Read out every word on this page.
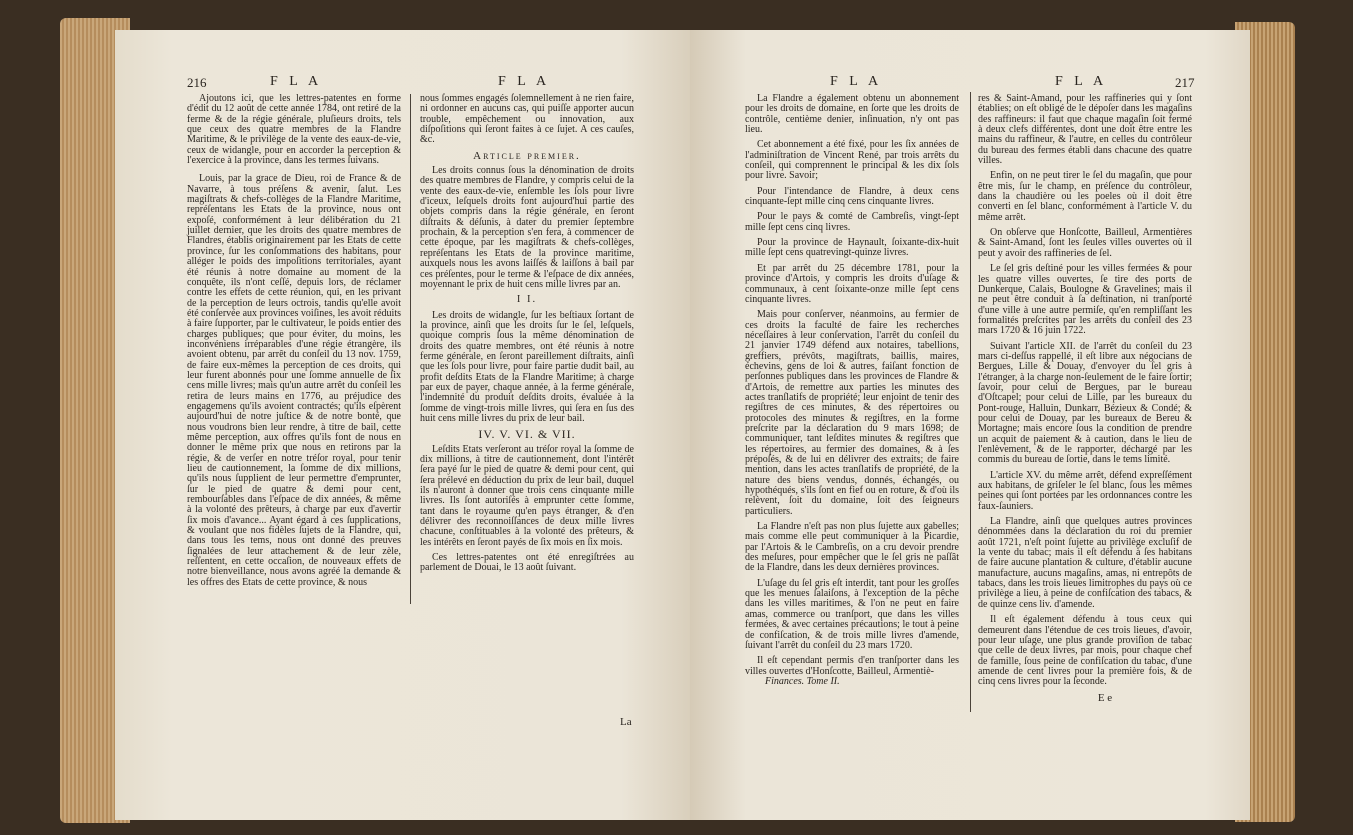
216	F L A	F L A

Ajoutons ici, que les lettres-patentes en forme d'édit du 12 août de cette année 1784, ont retiré de la ferme & de la régie générale, pluſieurs droits, tels que ceux des quatre membres de la Flandre Maritime, & le privilège de la vente des eaux-de-vie, ceux de widangle, pour en accorder la perception & l'exercice à la province, dans les termes ſuivans.

Louis, par la grace de Dieu, roi de France & de Navarre, à tous préſens & avenir, ſalut. Les magiſtrats & chefs-collèges de la Flandre Maritime, repréſentans les Etats de la province, nous ont expoſé, conformément à leur délibération du 21 juillet dernier, que les droits des quatre membres de Flandres, établis originairement par les Etats de cette province, ſur les conſommations des habitans, pour alléger le poids des impoſitions territoriales, ayant été réunis à notre domaine au moment de la conquête, ils n'ont ceſſé, depuis lors, de réclamer contre les effets de cette réunion, qui, en les privant de la perception de leurs octrois, tandis qu'elle avoit été conſervée aux provinces voiſines, les avoit réduits à faire ſupporter, par le cultivateur, le poids entier des charges publiques; que pour éviter, du moins, les inconvéniens irréparables d'une régie étrangère, ils avoient obtenu, par arrêt du conſeil du 13 nov. 1759, de faire eux-mêmes la perception de ces droits, qui leur furent abonnés pour une ſomme annuelle de ſix cens mille livres; mais qu'un autre arrêt du conſeil les retira de leurs mains en 1776, au préjudice des engagemens qu'ils avoient contractés; qu'ils eſpèrent aujourd'hui de notre juſtice & de notre bonté, que nous voudrons bien leur rendre, à titre de bail, cette même perception, aux offres qu'ils font de nous en donner le même prix que nous en retirons par la régie, & de verſer en notre tréſor royal, pour tenir lieu de cautionnement, la ſomme de dix millions, qu'ils nous ſupplient de leur permettre d'emprunter, ſur le pied de quatre & demi pour cent, rembourſables dans l'eſpace de dix années, & même à la volonté des prêteurs, à charge par eux d'avertir ſix mois d'avance... Ayant égard à ces ſupplications, & voulant que nos fidèles ſujets de la Flandre, qui, dans tous les tems, nous ont donné des preuves ſignalées de leur attachement & de leur zèle, reſſentent, en cette occaſion, de nouveaux effets de notre bienveillance, nous avons agréé la demande & les offres des Etats de cette province, & nous

nous ſommes engagés ſolemnellement à ne rien faire, ni ordonner en aucuns cas, qui puiſſe apporter aucun trouble, empêchement ou innovation, aux diſpoſitions qui ſeront faites à ce ſujet. A ces cauſes, &c.

Article premier.

Les droits connus ſous la dénomination de droits des quatre membres de Flandre, y compris celui de la vente des eaux-de-vie, enſemble les ſols pour livre d'iceux, leſquels droits font aujourd'hui partie des objets compris dans la régie générale, en ſeront diſtraits & déſunis, à dater du premier ſeptembre prochain, & la perception s'en fera, à commencer de cette époque, par les magiſtrats & chefs-collèges, repréſentans les Etats de la province maritime, auxquels nous les avons laiſſés & laiſſons à bail par ces préſentes, pour le terme & l'eſpace de dix années, moyennant le prix de huit cens mille livres par an.

I I.

Les droits de widangle, ſur les beſtiaux ſortant de la province, ainſi que les droits ſur le ſel, leſquels, quoique compris ſous la même dénomination de droits des quatre membres, ont été réunis à notre ferme générale, en ſeront pareillement diſtraits, ainſi que les ſols pour livre, pour faire partie dudit bail, au profit deſdits Etats de la Flandre Maritime; à charge par eux de payer, chaque année, à la ferme générale, l'indemnité du produit deſdits droits, évaluée à la ſomme de vingt-trois mille livres, qui ſera en ſus des huit cens mille livres du prix de leur bail.

IV. V. VI. & VII.

Leſdits Etats verſeront au tréſor royal la ſomme de dix millions, à titre de cautionnement, dont l'intérêt ſera payé ſur le pied de quatre & demi pour cent, qui ſera prélevé en déduction du prix de leur bail, duquel ils n'auront à donner que trois cens cinquante mille livres. Ils ſont autoriſés à emprunter cette ſomme, tant dans le royaume qu'en pays étranger, & d'en délivrer des reconnoiſſances de deux mille livres chacune, conſtituables à la volonté des prêteurs, & les intérêts en ſeront payés de ſix mois en ſix mois.

Ces lettres-patentes ont été enregiſtrées au parlement de Douai, le 13 août ſuivant.

La
F L A	F L A	217

La Flandre a également obtenu un abonnement pour les droits de domaine, en ſorte que les droits de contrôle, centième denier, inſinuation, n'y ont pas lieu.

Cet abonnement a été fixé, pour les ſix années de l'adminiſtration de Vincent René, par trois arrêts du conſeil, qui comprennent le principal & les dix ſols pour livre. Savoir;

Pour l'intendance de Flandre, à deux cens cinquante-ſept mille cinq cens cinquante livres.

Pour le pays & comté de Cambreſis, vingt-ſept mille ſept cens cinq livres.

Pour la province de Haynault, ſoixante-dix-huit mille ſept cens quatrevingt-quinze livres.

Et par arrêt du 25 décembre 1781, pour la province d'Artois, y compris les droits d'uſage & communaux, à cent ſoixante-onze mille ſept cens cinquante livres.

Mais pour conſerver, néanmoins, au fermier de ces droits la faculté de faire les recherches néceſſaires à leur conſervation, l'arrêt du conſeil du 21 janvier 1749 défend aux notaires, tabellions, greffiers, prévôts, magiſtrats, baillis, maires, échevins, gens de loi & autres, faiſant fonction de perſonnes publiques dans les provinces de Flandre & d'Artois, de remettre aux parties les minutes des actes tranſlatifs de propriété; leur enjoint de tenir des regiſtres de ces minutes, & des répertoires ou protocoles des minutes & regiſtres, en la forme preſcrite par la déclaration du 9 mars 1698; de communiquer, tant leſdites minutes & regiſtres que les répertoires, au fermier des domaines, & à ſes prépoſés, & de lui en délivrer des extraits; de faire mention, dans les actes tranſlatifs de propriété, de la nature des biens vendus, donnés, échangés, ou hypothéqués, s'ils ſont en fief ou en roture, & d'où ils relèvent, ſoit du domaine, ſoit des ſeigneurs particuliers.

La Flandre n'eſt pas non plus ſujette aux gabelles; mais comme elle peut communiquer à la Picardie, par l'Artois & le Cambreſis, on a cru devoir prendre des meſures, pour empêcher que le ſel gris ne paſſât de la Flandre, dans les deux dernières provinces.

L'uſage du ſel gris eſt interdit, tant pour les groſſes que les menues ſalaiſons, à l'exception de la pêche dans les villes maritimes, & l'on ne peut en faire amas, commerce ou tranſport, que dans les villes fermées, & avec certaines précautions; le tout à peine de confiſcation, & de trois mille livres d'amende, ſuivant l'arrêt du conſeil du 23 mars 1720.

Il eſt cependant permis d'en tranſporter dans les villes ouvertes d'Honſcotte, Bailleul, Armentiè-

Finances. Tome II.

res & Saint-Amand, pour les raffineries qui y ſont établies; on eſt obligé de le dépoſer dans les magaſins des raffineurs: il faut que chaque magaſin ſoit fermé à deux clefs différentes, dont une doit être entre les mains du raffineur, & l'autre, en celles du contrôleur du bureau des fermes établi dans chacune des quatre villes.

Enfin, on ne peut tirer le ſel du magaſin, que pour être mis, ſur le champ, en préſence du contrôleur, dans la chaudière ou les poeles où il doit être converti en ſel blanc, conformément à l'article V. du même arrêt.

On obſerve que Honſcotte, Bailleul, Armentières & Saint-Amand, ſont les ſeules villes ouvertes où il peut y avoir des raffineries de ſel.

Le ſel gris deſtiné pour les villes fermées & pour les quatre villes ouvertes, ſe tire des ports de Dunkerque, Calais, Boulogne & Gravelines; mais il ne peut être conduit à ſa deſtination, ni tranſporté d'une ville à une autre permiſe, qu'en rempliſſant les formalités preſcrites par les arrêts du conſeil des 23 mars 1720 & 16 juin 1722.

Suivant l'article XII. de l'arrêt du conſeil du 23 mars ci-deſſus rappellé, il eſt libre aux négocians de Bergues, Lille & Douay, d'envoyer du ſel gris à l'étranger, à la charge non-ſeulement de le faire ſortir; ſavoir, pour celui de Bergues, par le bureau d'Oſtcapel; pour celui de Lille, par les bureaux du Pont-rouge, Halluin, Dunkarr, Bézieux & Condé; & pour celui de Douay, par les bureaux de Bereu & Mortagne; mais encore ſous la condition de prendre un acquit de paiement & à caution, dans le lieu de l'enlèvement, & de le rapporter, déchargé par les commis du bureau de ſortie, dans le tems limité.

L'article XV. du même arrêt, défend expreſſément aux habitans, de griſeler le ſel blanc, ſous les mêmes peines qui ſont portées par les ordonnances contre les faux-ſauniers.

La Flandre, ainſi que quelques autres provinces dénommées dans la déclaration du roi du premier août 1721, n'eſt point ſujette au privilège excluſif de la vente du tabac; mais il eſt défendu à ſes habitans de faire aucune plantation & culture, d'établir aucune manufacture, aucuns magaſins, amas, ni entrepôts de tabacs, dans les trois lieues limitrophes du pays où ce privilège a lieu, à peine de confiſcation des tabacs, & de quinze cens liv. d'amende.

Il eſt également défendu à tous ceux qui demeurent dans l'étendue de ces trois lieues, d'avoir, pour leur uſage, une plus grande proviſion de tabac que celle de deux livres, par mois, pour chaque chef de famille, ſous peine de confiſcation du tabac, d'une amende de cent livres pour la première fois, & de cinq cens livres pour la ſeconde.

E e
